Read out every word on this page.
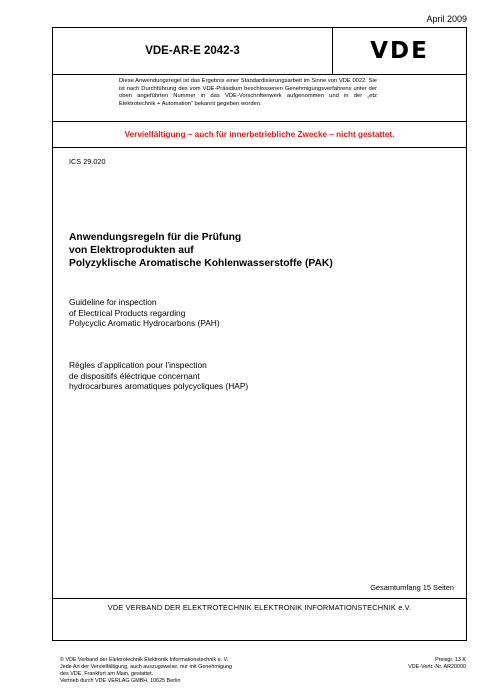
April 2009
VDE-AR-E 2042-3	VDE
Diese Anwendungsregel ist das Ergebnis einer Standardisierungsarbeit im Sinne von VDE 0022. Sie ist nach Durchführung des vom VDE-Präsidium beschlossenen Genehmigungsverfahrens unter der oben angeführten Nummer in das VDE-Vorschriftenwerk aufgenommen und in der „etz Elektrotechnik + Automation“ bekannt gegeben worden.
Vervielfältigung – auch für innerbetriebliche Zwecke – nicht gestattet.
ICS 29.020
Anwendungsregeln für die Prüfung
von Elektroprodukten auf
Polyzyklische Aromatische Kohlenwasserstoffe (PAK)
Guideline for inspection
of Electrical Products regarding
Polycyclic Aromatic Hydrocarbons (PAH)
Règles d’application pour l’inspection
de dispositifs éléctrique concernant
hydrocarbures aromatiques polycycliques (HAP)
Gesamtumfang 15 Seiten
VDE VERBAND DER ELEKTROTECHNIK ELEKTRONIK INFORMATIONSTECHNIK e.V.
© VDE Verband der Elektrotechnik Elektronik Informationstechnik e. V.
Jede Art der Vervielfältigung, auch auszugsweise, nur mit Genehmigung
des VDE, Frankfurt am Main, gestattet.
Vertrieb durch VDE VERLAG GMBH, 10625 Berlin
Preisgr. 13 K
VDE-Vertr.-Nr. AR20000
